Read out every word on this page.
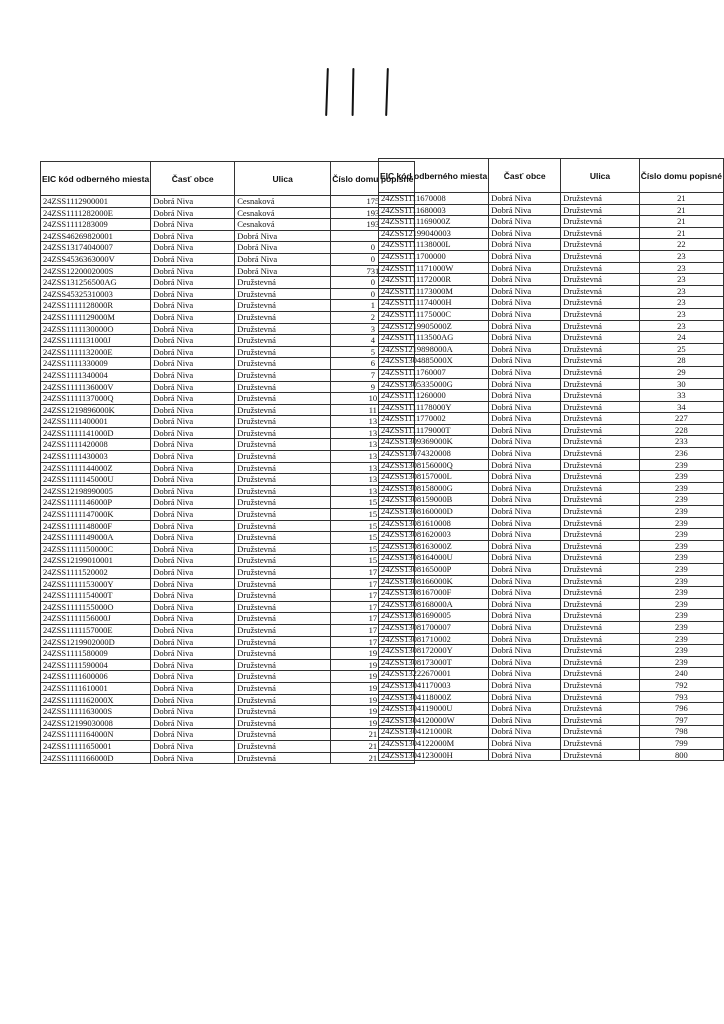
EIC kód odberného miesta	Časť obce	Ulica	Číslo domu popisné
24ZSS1112900001	Dobrá Niva	Cesnaková	175
24ZSS1111282000E	Dobrá Niva	Cesnaková	193
24ZSS1111283009	Dobrá Niva	Cesnaková	193
24ZSS46269820001	Dobrá Niva	Dobrá Niva	
24ZSS13174040007	Dobrá Niva	Dobrá Niva	0
24ZSS4536363000V	Dobrá Niva	Dobrá Niva	0
24ZSS1220002000S	Dobrá Niva	Dobrá Niva	731
24ZSS131256500AG	Dobrá Niva	Družstevná	0
24ZSS45325310003	Dobrá Niva	Družstevná	0
24ZSS1111128000R	Dobrá Niva	Družstevná	1
24ZSS1111129000M	Dobrá Niva	Družstevná	2
24ZSS1111130000O	Dobrá Niva	Družstevná	3
24ZSS1111131000J	Dobrá Niva	Družstevná	4
24ZSS1111132000E	Dobrá Niva	Družstevná	5
24ZSS1111330009	Dobrá Niva	Družstevná	6
24ZSS1111340004	Dobrá Niva	Družstevná	7
24ZSS1111136000V	Dobrá Niva	Družstevná	9
24ZSS1111137000Q	Dobrá Niva	Družstevná	10
24ZSS1219896000K	Dobrá Niva	Družstevná	11
24ZSS1111400001	Dobrá Niva	Družstevná	13
24ZSS1111141000D	Dobrá Niva	Družstevná	13
24ZSS1111420008	Dobrá Niva	Družstevná	13
24ZSS1111430003	Dobrá Niva	Družstevná	13
24ZSS1111144000Z	Dobrá Niva	Družstevná	13
24ZSS1111145000U	Dobrá Niva	Družstevná	13
24ZSS12198990005	Dobrá Niva	Družstevná	13
24ZSS1111146000P	Dobrá Niva	Družstevná	15
24ZSS1111147000K	Dobrá Niva	Družstevná	15
24ZSS1111148000F	Dobrá Niva	Družstevná	15
24ZSS1111149000A	Dobrá Niva	Družstevná	15
24ZSS1111150000C	Dobrá Niva	Družstevná	15
24ZSS12199010001	Dobrá Niva	Družstevná	15
24ZSS1111520002	Dobrá Niva	Družstevná	17
24ZSS1111153000Y	Dobrá Niva	Družstevná	17
24ZSS1111154000T	Dobrá Niva	Družstevná	17
24ZSS1111155000O	Dobrá Niva	Družstevná	17
24ZSS1111156000J	Dobrá Niva	Družstevná	17
24ZSS1111157000E	Dobrá Niva	Družstevná	17
24ZSS1219902000D	Dobrá Niva	Družstevná	17
24ZSS1111580009	Dobrá Niva	Družstevná	19
24ZSS1111590004	Dobrá Niva	Družstevná	19
24ZSS1111600006	Dobrá Niva	Družstevná	19
24ZSS1111610001	Dobrá Niva	Družstevná	19
24ZSS1111162000X	Dobrá Niva	Družstevná	19
24ZSS1111163000S	Dobrá Niva	Družstevná	19
24ZSS12199030008	Dobrá Niva	Družstevná	19
24ZSS1111164000N	Dobrá Niva	Družstevná	21
24ZSS11111650001	Dobrá Niva	Družstevná	21
24ZSS1111166000D	Dobrá Niva	Družstevná	21
EIC kód odberného miesta	Časť obce	Ulica	Číslo domu popisné
24ZSS1111670008	Dobrá Niva	Družstevná	21
24ZSS1111680003	Dobrá Niva	Družstevná	21
24ZSS1111169000Z	Dobrá Niva	Družstevná	21
24ZSS12199040003	Dobrá Niva	Družstevná	21
24ZSS1111138000L	Dobrá Niva	Družstevná	22
24ZSS1111700000	Dobrá Niva	Družstevná	23
24ZSS1111171000W	Dobrá Niva	Družstevná	23
24ZSS1111172000R	Dobrá Niva	Družstevná	23
24ZSS1111173000M	Dobrá Niva	Družstevná	23
24ZSS1111174000H	Dobrá Niva	Družstevná	23
24ZSS1111175000C	Dobrá Niva	Družstevná	23
24ZSS1219905000Z	Dobrá Niva	Družstevná	23
24ZSS111113500AG	Dobrá Niva	Družstevná	24
24ZSS1219898000A	Dobrá Niva	Družstevná	25
24ZSS1304885000X	Dobrá Niva	Družstevná	28
24ZSS1111760007	Dobrá Niva	Družstevná	29
24ZSS1305335000G	Dobrá Niva	Družstevná	30
24ZSS1111260000	Dobrá Niva	Družstevná	33
24ZSS1111178000Y	Dobrá Niva	Družstevná	34
24ZSS1111770002	Dobrá Niva	Družstevná	227
24ZSS1111179000T	Dobrá Niva	Družstevná	228
24ZSS1309369000K	Dobrá Niva	Družstevná	233
24ZSS13074320008	Dobrá Niva	Družstevná	236
24ZSS1308156000Q	Dobrá Niva	Družstevná	239
24ZSS1308157000L	Dobrá Niva	Družstevná	239
24ZSS1308158000G	Dobrá Niva	Družstevná	239
24ZSS1308159000B	Dobrá Niva	Družstevná	239
24ZSS1308160000D	Dobrá Niva	Družstevná	239
24ZSS13081610008	Dobrá Niva	Družstevná	239
24ZSS13081620003	Dobrá Niva	Družstevná	239
24ZSS1308163000Z	Dobrá Niva	Družstevná	239
24ZSS1308164000U	Dobrá Niva	Družstevná	239
24ZSS1308165000P	Dobrá Niva	Družstevná	239
24ZSS1308166000K	Dobrá Niva	Družstevná	239
24ZSS1308167000F	Dobrá Niva	Družstevná	239
24ZSS1308168000A	Dobrá Niva	Družstevná	239
24ZSS13081690005	Dobrá Niva	Družstevná	239
24ZSS13081700007	Dobrá Niva	Družstevná	239
24ZSS13081710002	Dobrá Niva	Družstevná	239
24ZSS1308172000Y	Dobrá Niva	Družstevná	239
24ZSS1308173000T	Dobrá Niva	Družstevná	239
24ZSS13222670001	Dobrá Niva	Družstevná	240
24ZSS13041170003	Dobrá Niva	Družstevná	792
24ZSS1304118000Z	Dobrá Niva	Družstevná	793
24ZSS1304119000U	Dobrá Niva	Družstevná	796
24ZSS1304120000W	Dobrá Niva	Družstevná	797
24ZSS1304121000R	Dobrá Niva	Družstevná	798
24ZSS1304122000M	Dobrá Niva	Družstevná	799
24ZSS1304123000H	Dobrá Niva	Družstevná	800
